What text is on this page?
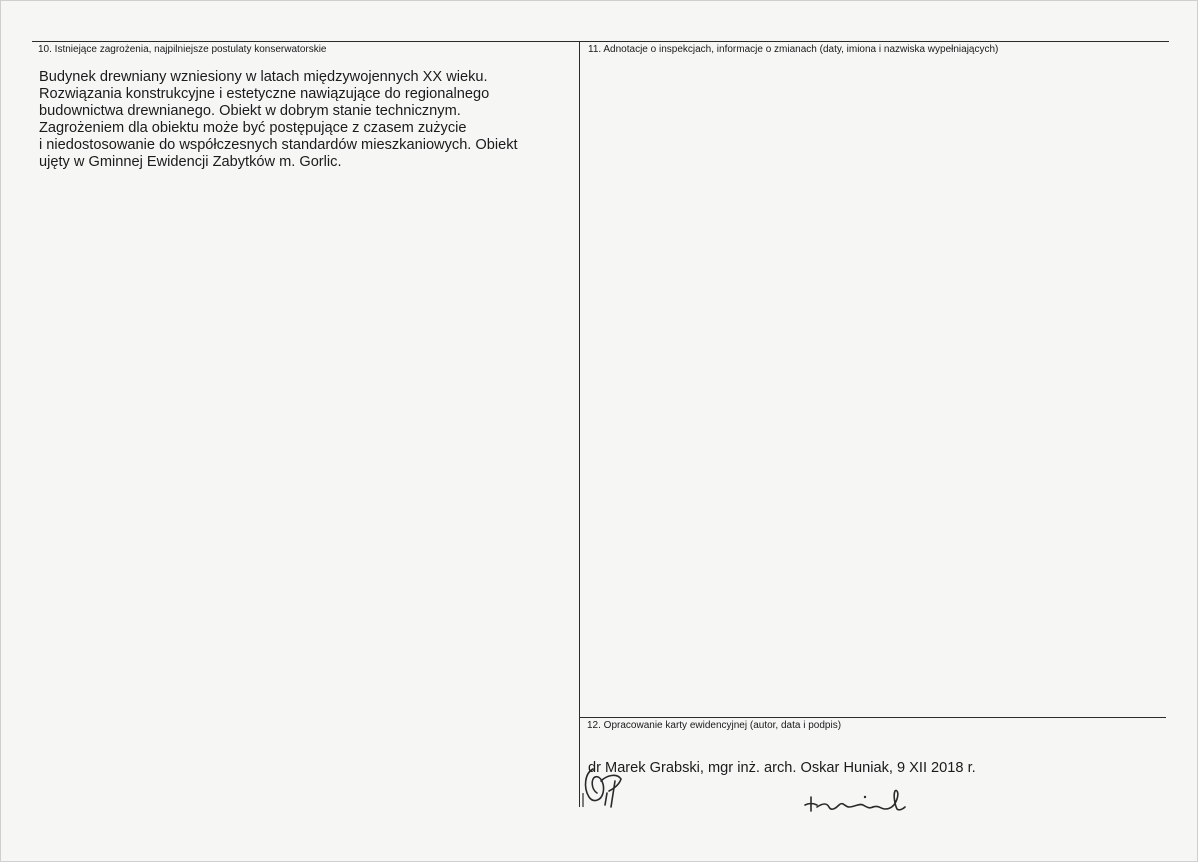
10. Istniejące zagrożenia, najpilniejsze postulaty konserwatorskie	11. Adnotacje o inspekcjach, informacje o zmianach (daty, imiona i nazwiska wypełniających)
12. Opracowanie karty ewidencyjnej (autor, data i podpis)
Budynek drewniany wzniesiony w latach międzywojennych XX wieku.
Rozwiązania konstrukcyjne i estetyczne nawiązujące do regionalnego
budownictwa drewnianego. Obiekt w dobrym stanie technicznym.
Zagrożeniem dla obiektu może być postępujące z czasem zużycie
i niedostosowanie do współczesnych standardów mieszkaniowych. Obiekt
ujęty w Gminnej Ewidencji Zabytków m. Gorlic.
dr Marek Grabski, mgr inż. arch. Oskar Huniak, 9 XII 2018 r.
